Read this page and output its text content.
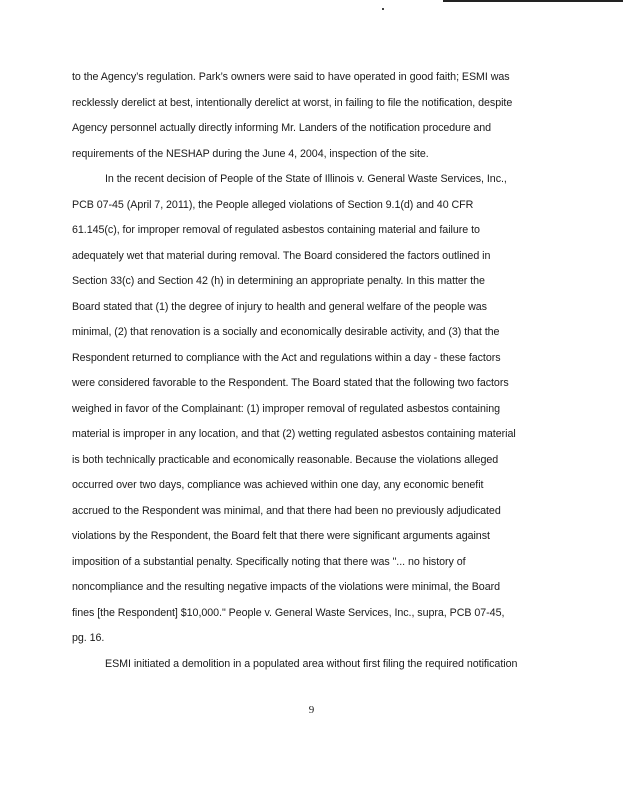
to the Agency’s regulation. Park’s owners were said to have operated in good faith; ESMI was
recklessly derelict at best, intentionally derelict at worst, in failing to file the notification, despite
Agency personnel actually directly informing Mr. Landers of the notification procedure and
requirements of the NESHAP during the June 4, 2004, inspection of the site.
In the recent decision of People of the State of Illinois v. General Waste Services, Inc.,
PCB 07-45 (April 7, 2011), the People alleged violations of Section 9.1(d) and 40 CFR
61.145(c), for improper removal of regulated asbestos containing material and failure to
adequately wet that material during removal. The Board considered the factors outlined in
Section 33(c) and Section 42 (h) in determining an appropriate penalty. In this matter the
Board stated that (1) the degree of injury to health and general welfare of the people was
minimal, (2) that renovation is a socially and economically desirable activity, and (3) that the
Respondent returned to compliance with the Act and regulations within a day - these factors
were considered favorable to the Respondent. The Board stated that the following two factors
weighed in favor of the Complainant: (1) improper removal of regulated asbestos containing
material is improper in any location, and that (2) wetting regulated asbestos containing material
is both technically practicable and economically reasonable. Because the violations alleged
occurred over two days, compliance was achieved within one day, any economic benefit
accrued to the Respondent was minimal, and that there had been no previously adjudicated
violations by the Respondent, the Board felt that there were significant arguments against
imposition of a substantial penalty. Specifically noting that there was "... no history of
noncompliance and the resulting negative impacts of the violations were minimal, the Board
fines [the Respondent] $10,000." People v. General Waste Services, Inc., supra, PCB 07-45,
pg. 16.
ESMI initiated a demolition in a populated area without first filing the required notification
9
